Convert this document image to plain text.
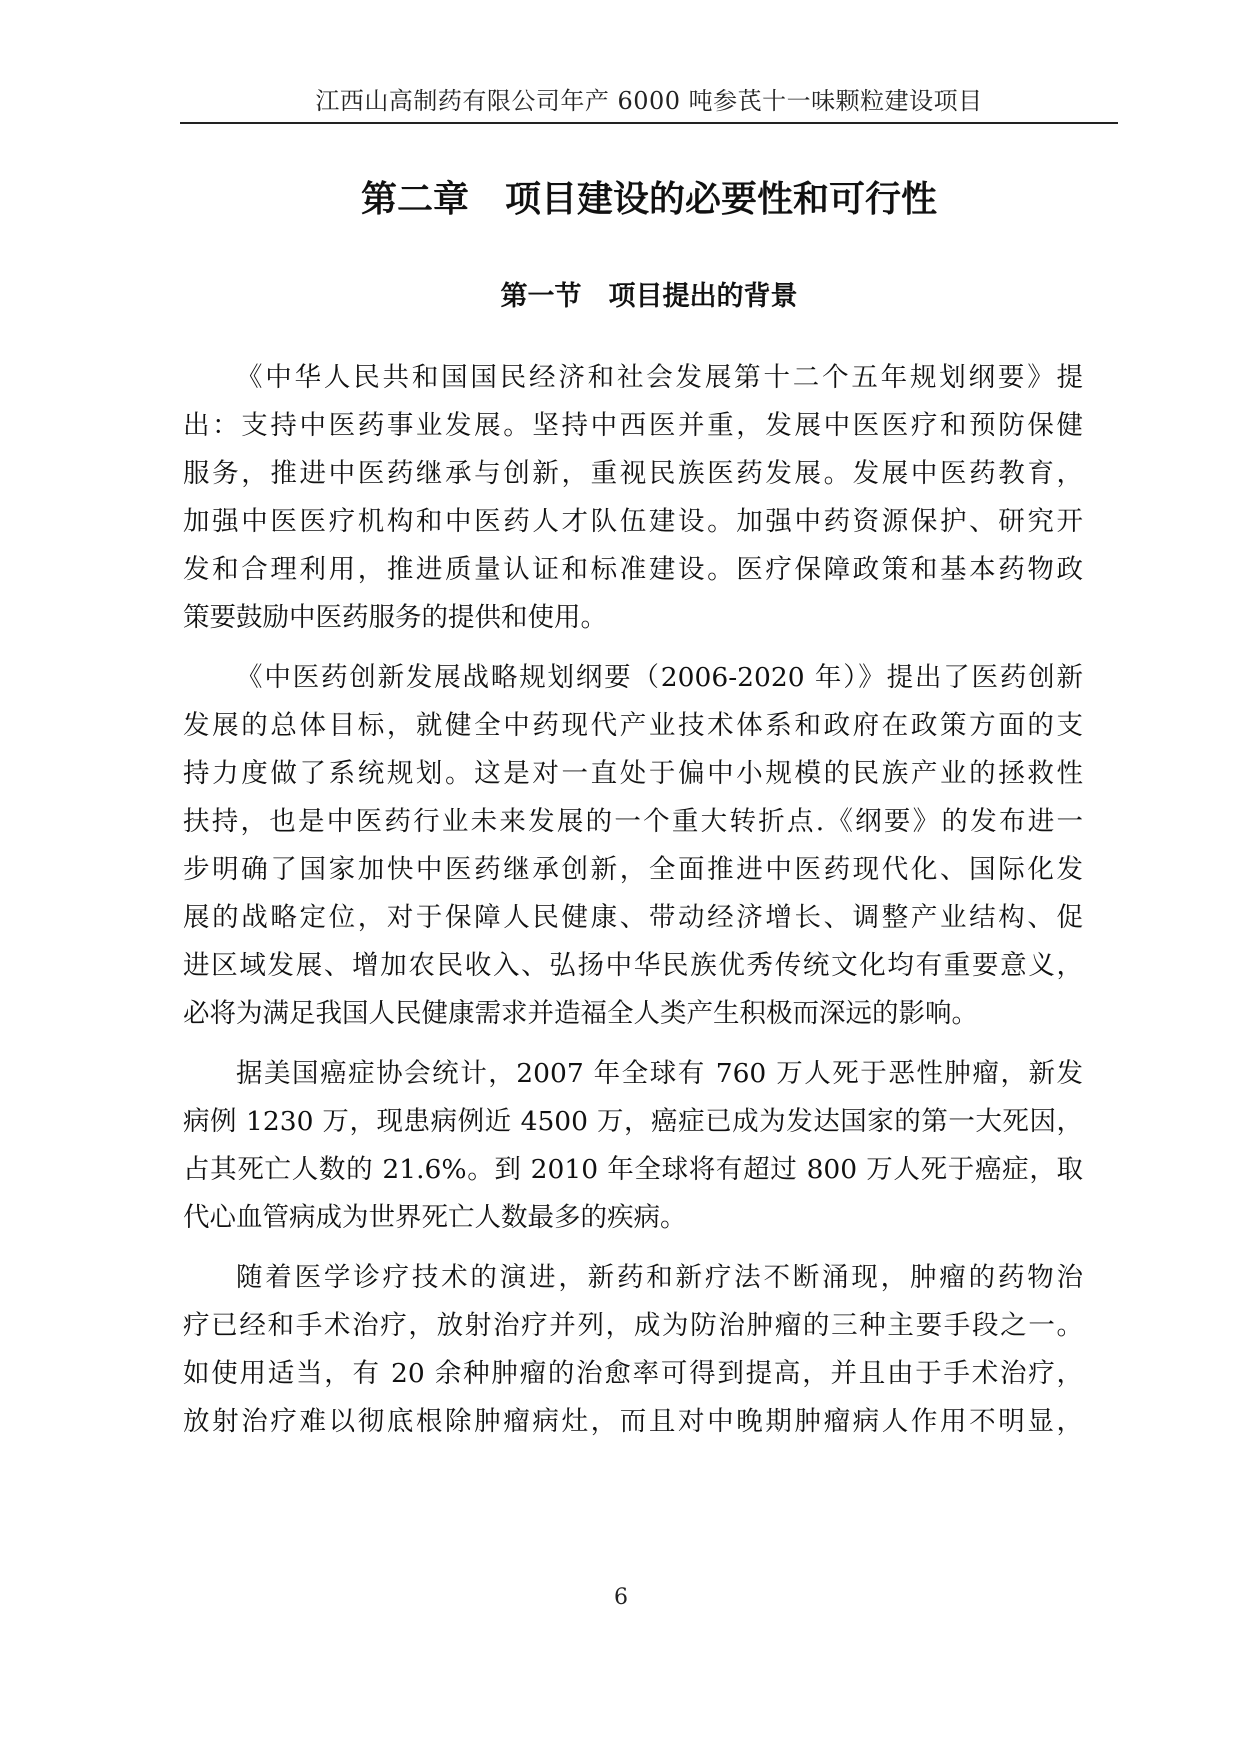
江西山高制药有限公司年产 6000 吨参芪十一味颗粒建设项目
第二章　项目建设的必要性和可行性
第一节　项目提出的背景

《中华人民共和国国民经济和社会发展第十二个五年规划纲要》提
出：支持中医药事业发展。坚持中西医并重，发展中医医疗和预防保健
服务，推进中医药继承与创新，重视民族医药发展。发展中医药教育，
加强中医医疗机构和中医药人才队伍建设。加强中药资源保护、研究开
发和合理利用，推进质量认证和标准建设。医疗保障政策和基本药物政
策要鼓励中医药服务的提供和使用。

《中医药创新发展战略规划纲要（2006-2020 年）》提出了医药创新
发展的总体目标，就健全中药现代产业技术体系和政府在政策方面的支
持力度做了系统规划。这是对一直处于偏中小规模的民族产业的拯救性
扶持，也是中医药行业未来发展的一个重大转折点.《纲要》的发布进一
步明确了国家加快中医药继承创新，全面推进中医药现代化、国际化发
展的战略定位，对于保障人民健康、带动经济增长、调整产业结构、促
进区域发展、增加农民收入、弘扬中华民族优秀传统文化均有重要意义，
必将为满足我国人民健康需求并造福全人类产生积极而深远的影响。

据美国癌症协会统计，2007 年全球有 760 万人死于恶性肿瘤，新发
病例 1230 万，现患病例近 4500 万，癌症已成为发达国家的第一大死因，
占其死亡人数的 21.6%。到 2010 年全球将有超过 800 万人死于癌症，取
代心血管病成为世界死亡人数最多的疾病。

随着医学诊疗技术的演进，新药和新疗法不断涌现，肿瘤的药物治
疗已经和手术治疗，放射治疗并列，成为防治肿瘤的三种主要手段之一。
如使用适当，有 20 余种肿瘤的治愈率可得到提高，并且由于手术治疗，
放射治疗难以彻底根除肿瘤病灶，而且对中晚期肿瘤病人作用不明显，

6
